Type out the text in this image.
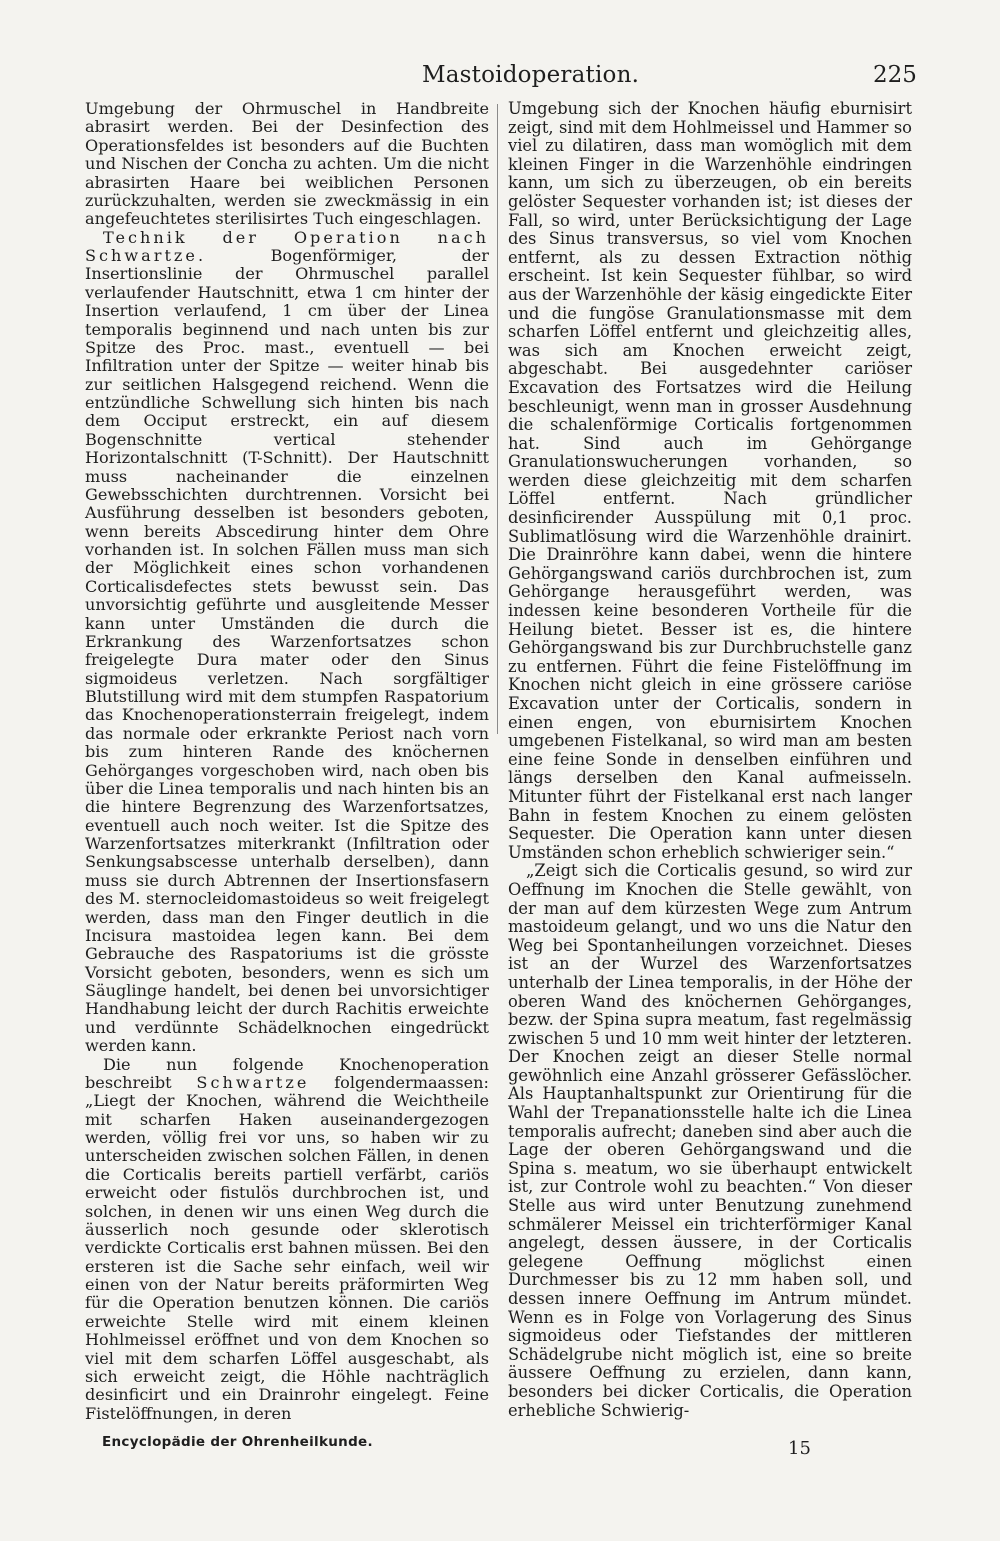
Mastoidoperation.	225

Umgebung der Ohrmuschel in Handbreite abrasirt werden. Bei der Desinfection des Operationsfeldes ist besonders auf die Buchten und Nischen der Concha zu achten. Um die nicht abrasirten Haare bei weiblichen Personen zurückzuhalten, werden sie zweckmässig in ein angefeuchtetes sterilisirtes Tuch eingeschlagen.

Technik der Operation nach Schwartze.	Bogenförmiger, der Insertionslinie der Ohrmuschel parallel verlaufender Hautschnitt, etwa 1 cm hinter der Insertion verlaufend, 1 cm über der Linea temporalis beginnend und nach unten bis zur Spitze des Proc. mast., eventuell — bei Infiltration unter der Spitze — weiter hinab bis zur seitlichen Halsgegend reichend. Wenn die entzündliche Schwellung sich hinten bis nach dem Occiput erstreckt, ein auf diesem Bogenschnitte vertical stehender Horizontalschnitt (T-Schnitt). Der Hautschnitt muss nacheinander die einzelnen Gewebsschichten durchtrennen. Vorsicht bei Ausführung desselben ist besonders geboten, wenn bereits Abscedirung hinter dem Ohre vorhanden ist. In solchen Fällen muss man sich der Möglichkeit eines schon vorhandenen Corticalisdefectes stets bewusst sein. Das unvorsichtig geführte und ausgleitende Messer kann unter Umständen die durch die Erkrankung des Warzenfortsatzes schon freigelegte Dura mater oder den Sinus sigmoideus verletzen. Nach sorgfältiger Blutstillung wird mit dem stumpfen Raspatorium das Knochenoperationsterrain freigelegt, indem das normale oder erkrankte Periost nach vorn bis zum hinteren Rande des knöchernen Gehörganges vorgeschoben wird, nach oben bis über die Linea temporalis und nach hinten bis an die hintere Begrenzung des Warzenfortsatzes, eventuell auch noch weiter. Ist die Spitze des Warzenfortsatzes miterkrankt (Infiltration oder Senkungsabscesse unterhalb derselben), dann muss sie durch Abtrennen der Insertionsfasern des M. sternocleidomastoideus so weit freigelegt werden, dass man den Finger deutlich in die Incisura mastoidea legen kann. Bei dem Gebrauche des Raspatoriums ist die grösste Vorsicht geboten, besonders, wenn es sich um Säuglinge handelt, bei denen bei unvorsichtiger Handhabung leicht der durch Rachitis erweichte und verdünnte Schädelknochen eingedrückt werden kann.

Die nun folgende Knochenoperation beschreibt Schwartze folgendermaassen: „Liegt der Knochen, während die Weichtheile mit scharfen Haken auseinandergezogen werden, völlig frei vor uns, so haben wir zu unterscheiden zwischen solchen Fällen, in denen die Corticalis bereits partiell verfärbt, cariös erweicht oder fistulös durchbrochen ist, und solchen, in denen wir uns einen Weg durch die äusserlich noch gesunde oder sklerotisch verdickte Corticalis erst bahnen müssen. Bei den ersteren ist die Sache sehr einfach, weil wir einen von der Natur bereits präformirten Weg für die Operation benutzen können. Die cariös erweichte Stelle wird mit einem kleinen Hohlmeissel eröffnet und von dem Knochen so viel mit dem scharfen Löffel ausgeschabt, als sich erweicht zeigt, die Höhle nachträglich desinficirt und ein Drainrohr eingelegt. Feine Fistelöffnungen, in deren

Umgebung sich der Knochen häufig eburnisirt zeigt, sind mit dem Hohlmeissel und Hammer so viel zu dilatiren, dass man womöglich mit dem kleinen Finger in die Warzenhöhle eindringen kann, um sich zu überzeugen, ob ein bereits gelöster Sequester vorhanden ist; ist dieses der Fall, so wird, unter Berücksichtigung der Lage des Sinus transversus, so viel vom Knochen entfernt, als zu dessen Extraction nöthig erscheint. Ist kein Sequester fühlbar, so wird aus der Warzenhöhle der käsig eingedickte Eiter und die fungöse Granulationsmasse mit dem scharfen Löffel entfernt und gleichzeitig alles, was sich am Knochen erweicht zeigt, abgeschabt. Bei ausgedehnter cariöser Excavation des Fortsatzes wird die Heilung beschleunigt, wenn man in grosser Ausdehnung die schalenförmige Corticalis fortgenommen hat. Sind auch im Gehörgange Granulationswucherungen vorhanden, so werden diese gleichzeitig mit dem scharfen Löffel entfernt. Nach gründlicher desinficirender Ausspülung mit 0,1 proc. Sublimatlösung wird die Warzenhöhle drainirt. Die Drainröhre kann dabei, wenn die hintere Gehörgangswand cariös durchbrochen ist, zum Gehörgange herausgeführt werden, was indessen keine besonderen Vortheile für die Heilung bietet. Besser ist es, die hintere Gehörgangswand bis zur Durchbruchstelle ganz zu entfernen. Führt die feine Fistelöffnung im Knochen nicht gleich in eine grössere cariöse Excavation unter der Corticalis, sondern in einen engen, von eburnisirtem Knochen umgebenen Fistelkanal, so wird man am besten eine feine Sonde in denselben einführen und längs derselben den Kanal aufmeisseln. Mitunter führt der Fistelkanal erst nach langer Bahn in festem Knochen zu einem gelösten Sequester. Die Operation kann unter diesen Umständen schon erheblich schwieriger sein.“

„Zeigt sich die Corticalis gesund, so wird zur Oeffnung im Knochen die Stelle gewählt, von der man auf dem kürzesten Wege zum Antrum mastoideum gelangt, und wo uns die Natur den Weg bei Spontanheilungen vorzeichnet. Dieses ist an der Wurzel des Warzenfortsatzes unterhalb der Linea temporalis, in der Höhe der oberen Wand des knöchernen Gehörganges, bezw. der Spina supra meatum, fast regelmässig zwischen 5 und 10 mm weit hinter der letzteren. Der Knochen zeigt an dieser Stelle normal gewöhnlich eine Anzahl grösserer Gefässlöcher. Als Hauptanhaltspunkt zur Orientirung für die Wahl der Trepanationsstelle halte ich die Linea temporalis aufrecht; daneben sind aber auch die Lage der oberen Gehörgangswand und die Spina s. meatum, wo sie überhaupt entwickelt ist, zur Controle wohl zu beachten.“ Von dieser Stelle aus wird unter Benutzung zunehmend schmälerer Meissel ein trichterförmiger Kanal angelegt, dessen äussere, in der Corticalis gelegene Oeffnung möglichst einen Durchmesser bis zu 12 mm haben soll, und dessen innere Oeffnung im Antrum mündet. Wenn es in Folge von Vorlagerung des Sinus sigmoideus oder Tiefstandes der mittleren Schädelgrube nicht möglich ist, eine so breite äussere Oeffnung zu erzielen, dann kann, besonders bei dicker Corticalis, die Operation erhebliche Schwierig-

Encyclopädie der Ohrenheilkunde.	15
